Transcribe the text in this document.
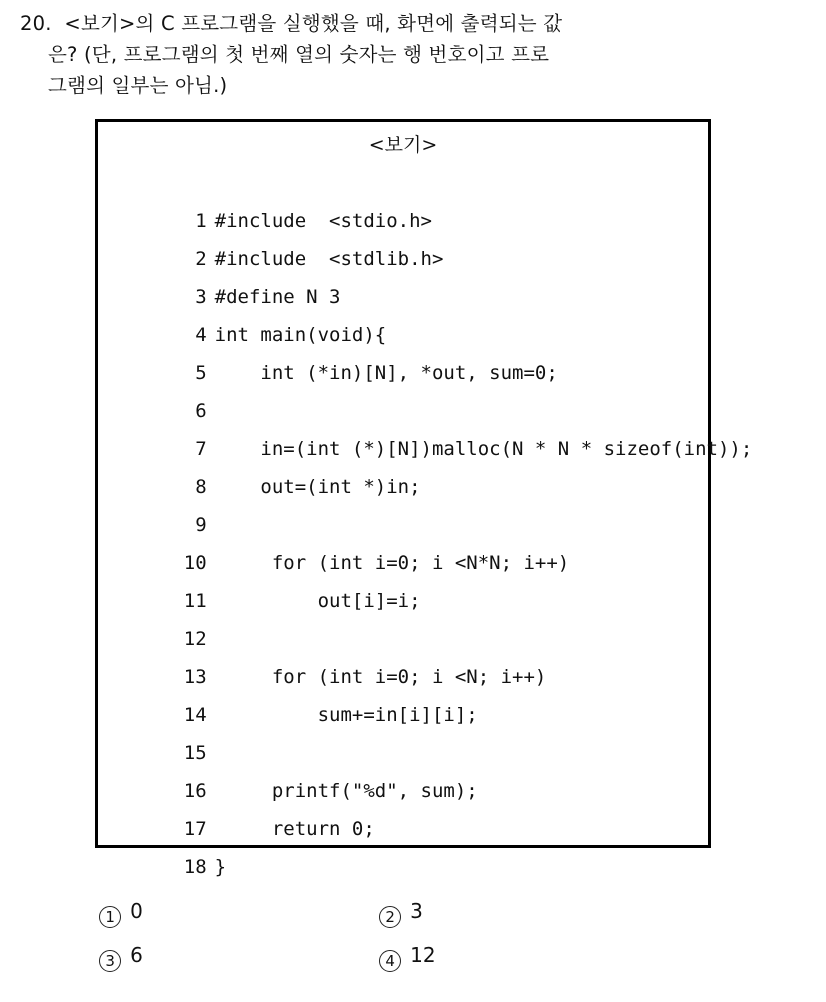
20.  <보기>의 C 프로그램을 실행했을 때, 화면에 출력되는 값
은? (단, 프로그램의 첫 번째 열의 숫자는 행 번호이고 프로
그램의 일부는 아님.)
<보기>

1 #include  <stdio.h>

2 #include  <stdlib.h>

3 #define N 3

4 int main(void){

5    int (*in)[N], *out, sum=0;

6

7    in=(int (*)[N])malloc(N * N * sizeof(int));

8    out=(int *)in;

9

10     for (int i=0; i <N*N; i++)

11         out[i]=i;

12

13     for (int i=0; i <N; i++)

14         sum+=in[i][i];

15

16     printf("%d", sum);

17     return 0;

18 }

1 0
	2 3

3 6
	4 12
